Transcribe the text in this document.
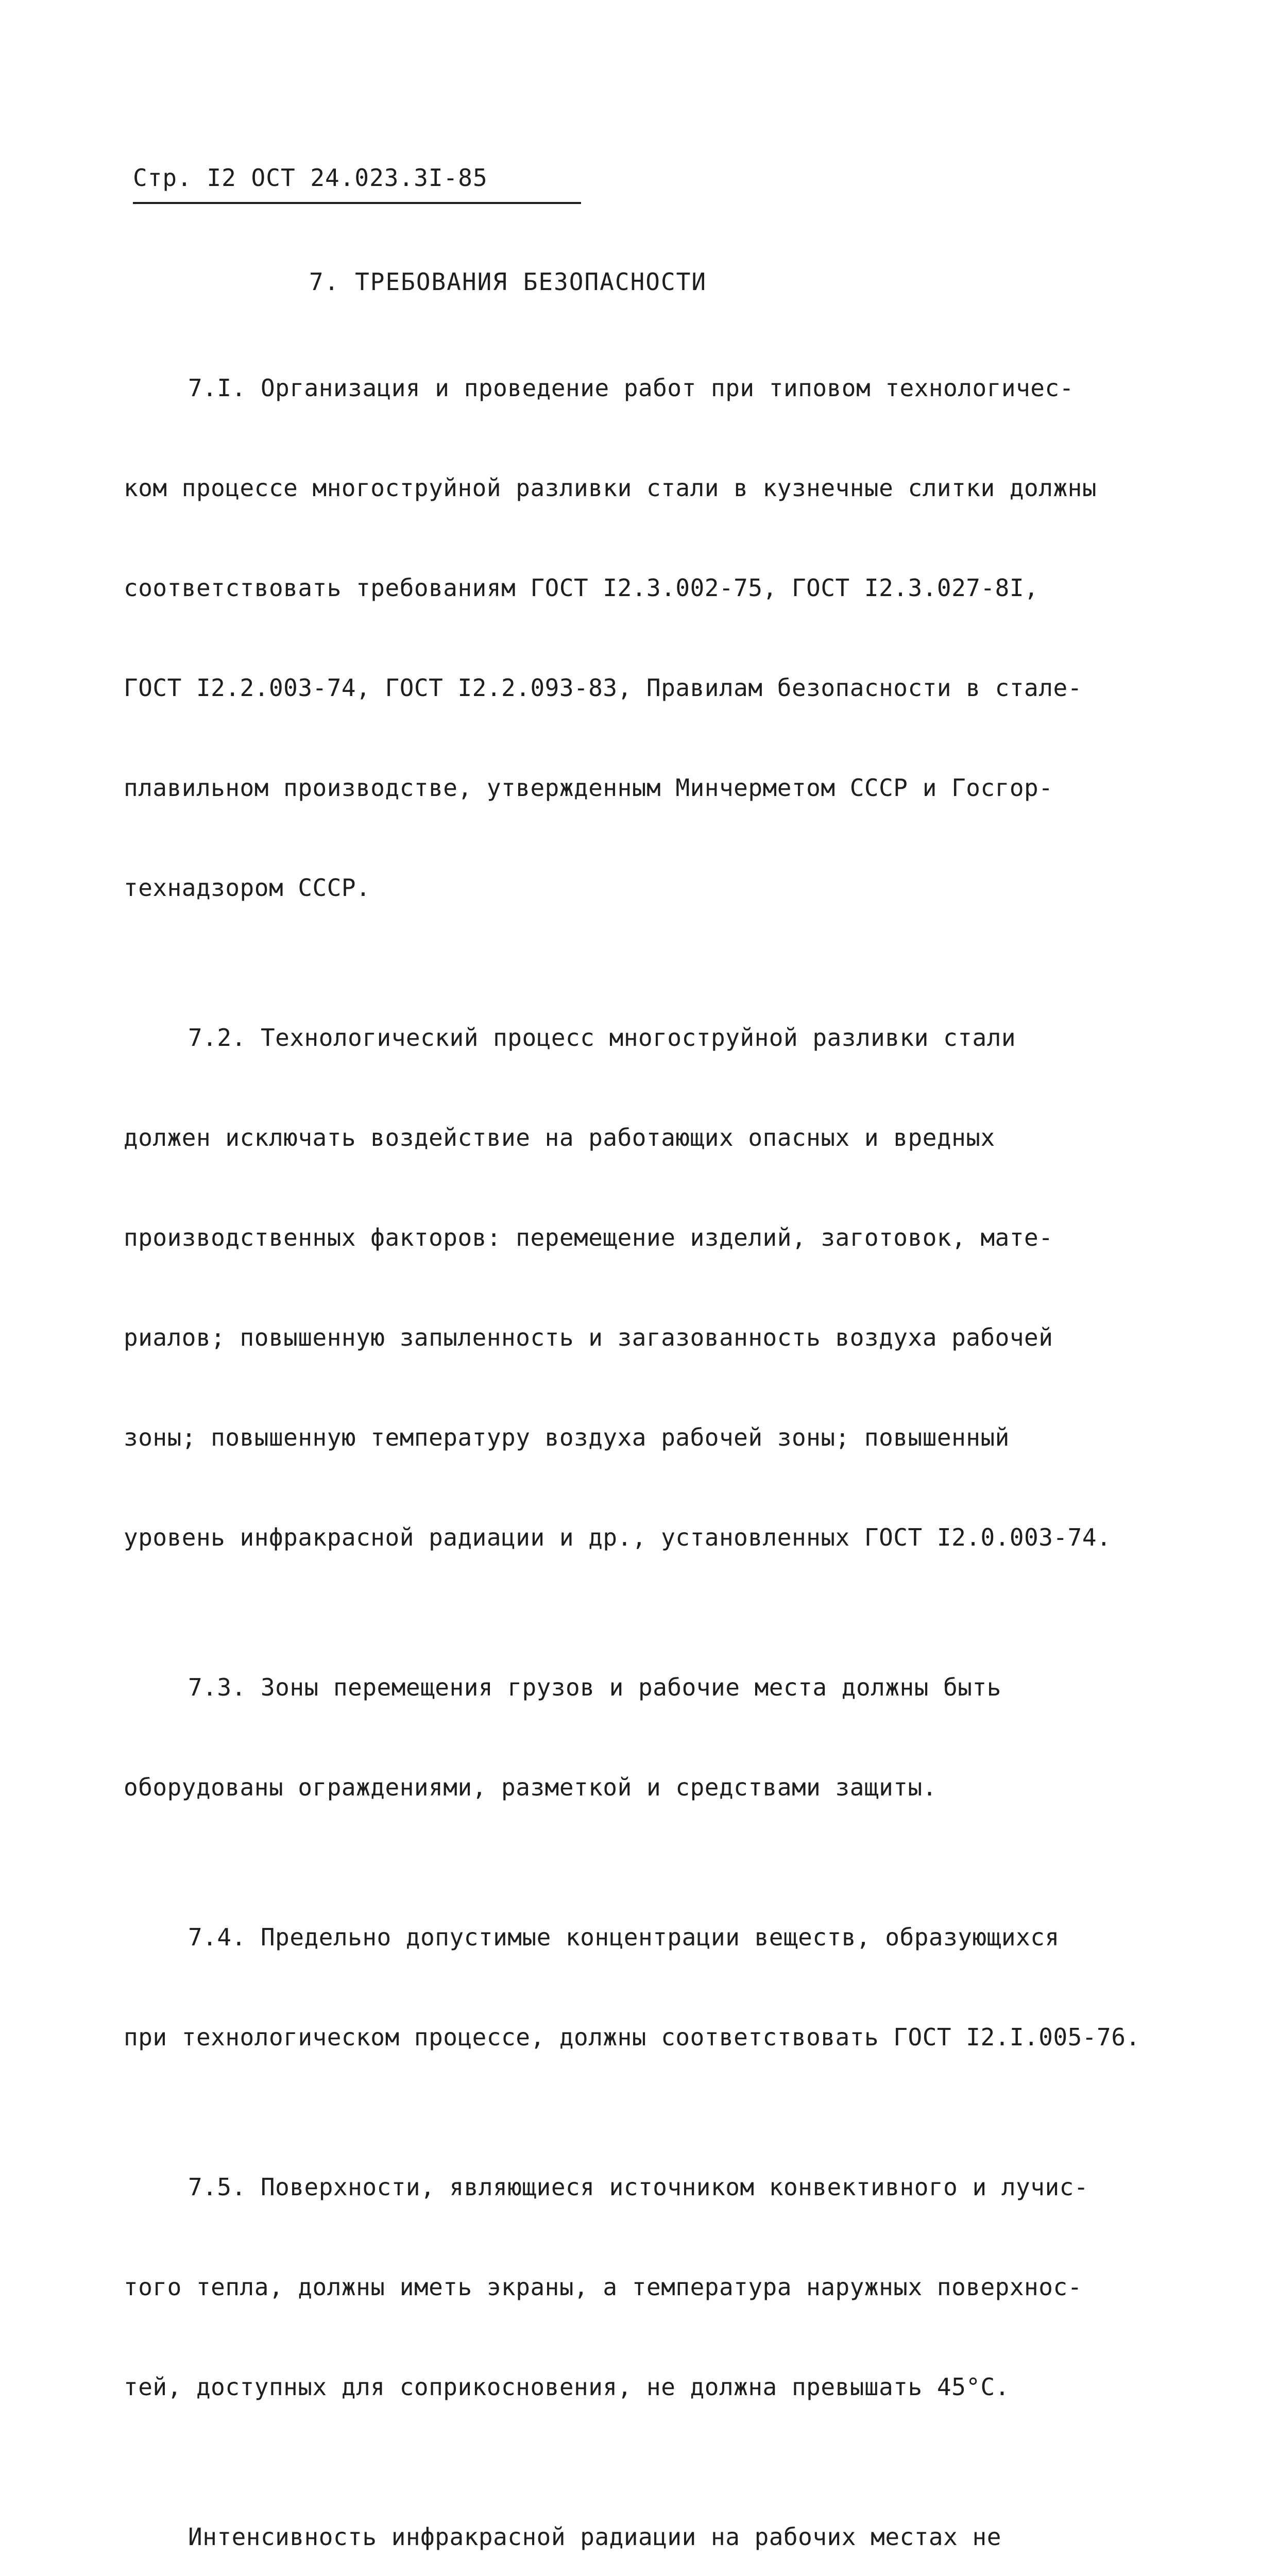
Стр. I2 ОСТ 24.023.3I-85
7. ТРЕБОВАНИЯ БЕЗОПАСНОСТИ

7.I. Организация и проведение работ при типовом технологичес-

ком процессе многоструйной разливки стали в кузнечные слитки должны

соответствовать требованиям ГОСТ I2.3.002-75, ГОСТ I2.3.027-8I,

ГОСТ I2.2.003-74, ГОСТ I2.2.093-83, Правилам безопасности в стале-

плавильном производстве, утвержденным Минчерметом СССР и Госгор-

технадзором СССР.

7.2. Технологический процесс многоструйной разливки стали

должен исключать воздействие на работающих опасных и вредных

производственных факторов: перемещение изделий, заготовок, мате-

риалов; повышенную запыленность и загазованность воздуха рабочей

зоны; повышенную температуру воздуха рабочей зоны; повышенный

уровень инфракрасной радиации и др., установленных ГОСТ I2.0.003-74.

7.3. Зоны перемещения грузов и рабочие места должны быть

оборудованы ограждениями, разметкой и средствами защиты.

7.4. Предельно допустимые концентрации веществ, образующихся

при технологическом процессе, должны соответствовать ГОСТ I2.I.005-76.

7.5. Поверхности, являющиеся источником конвективного и лучис-

того тепла, должны иметь экраны, а температура наружных поверхнос-

тей, доступных для соприкосновения, не должна превышать 45°С.

Интенсивность инфракрасной радиации на рабочих местах не
